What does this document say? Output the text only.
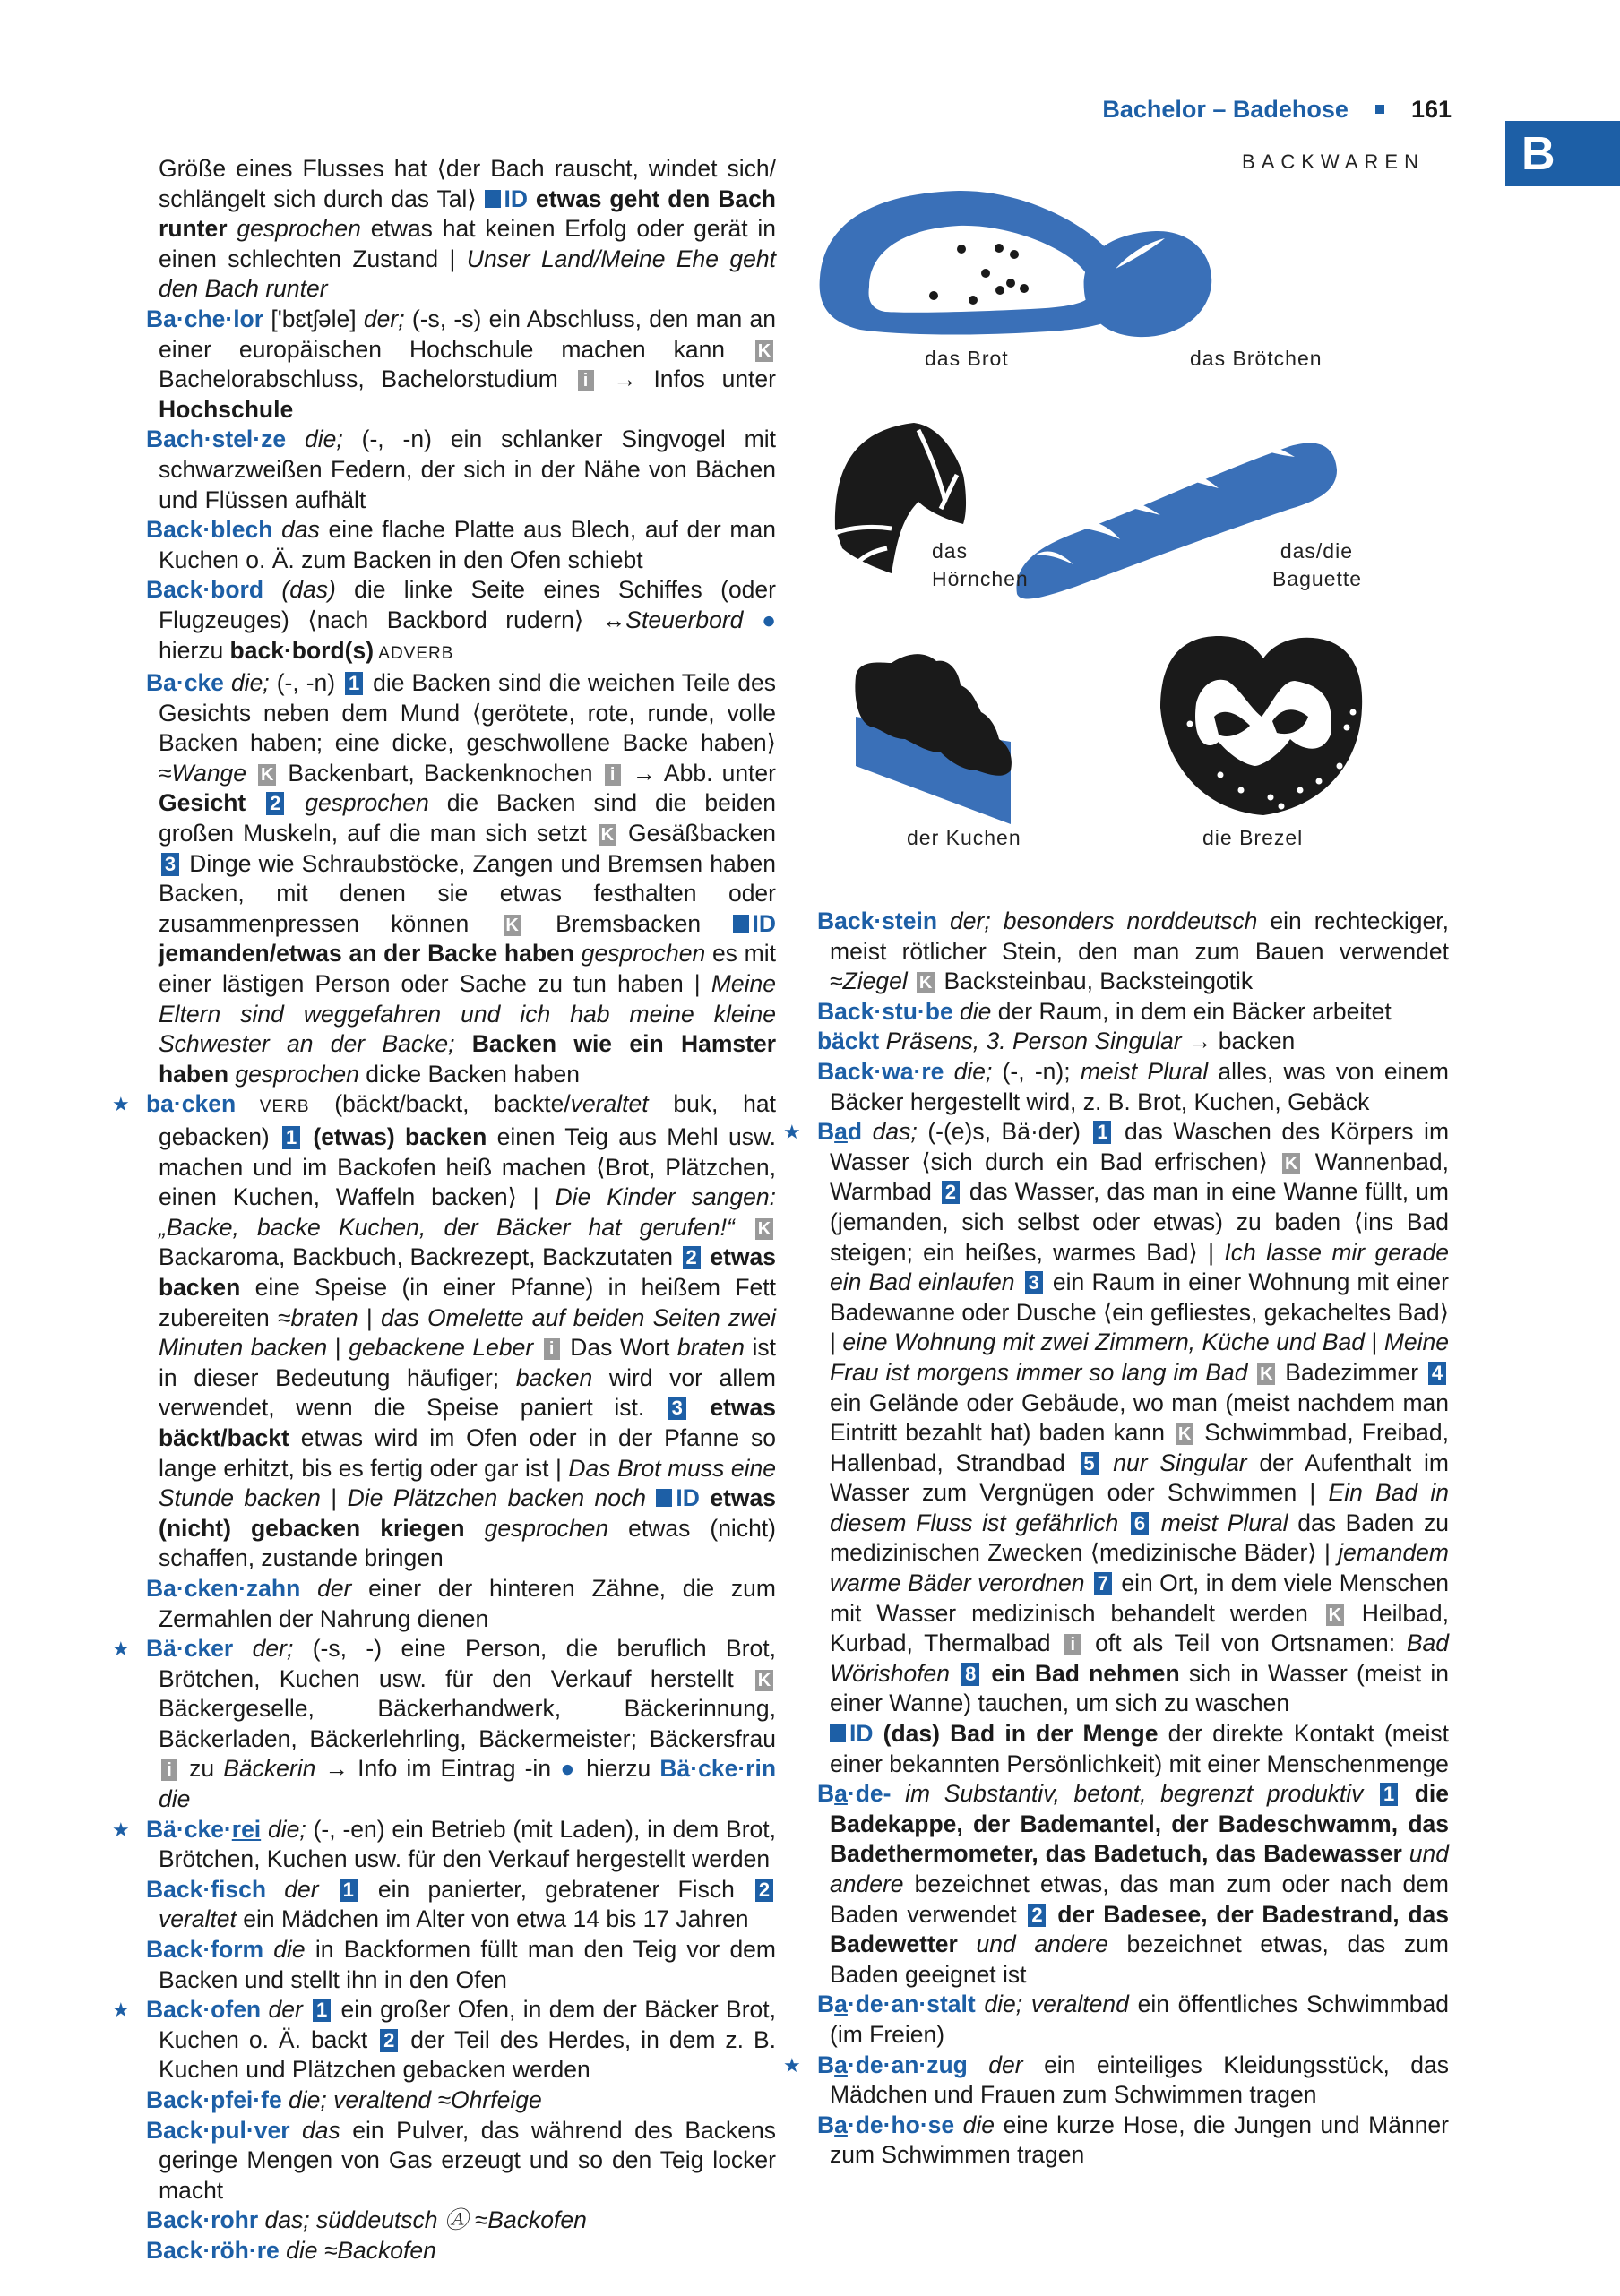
Bachelor – Badehose	161
B
BACKWAREN
das Brot	das Brötchen
das
Hörnchen
das/die
Baguette
der Kuchen	die Brezel

Größe eines Flusses hat ⟨der Bach rauscht, windet sich/ schlängelt sich durch das Tal⟩ ID etwas geht den Bach runter gesprochen etwas hat keinen Erfolg oder gerät in einen schlechten Zustand | Unser Land/Meine Ehe geht den Bach runter

Ba·che·lor ['bɛtʃəle] der; (-s, -s) ein Abschluss, den man an einer europäischen Hochschule machen kann K Bachelorabschluss, Bachelorstudium i → Infos unter Hochschule

Bach·stel·ze die; (-, -n) ein schlanker Singvogel mit schwarzweißen Federn, der sich in der Nähe von Bächen und Flüssen aufhält

Back·blech das eine flache Platte aus Blech, auf der man Kuchen o. Ä. zum Backen in den Ofen schiebt

Back·bord (das) die linke Seite eines Schiffes (oder Flugzeuges) ⟨nach Backbord rudern⟩ ↔Steuerbord ● hierzu back·bord(s) ADVERB

Ba·cke die; (-, -n) 1 die Backen sind die weichen Teile des Gesichts neben dem Mund ⟨gerötete, rote, runde, volle Backen haben; eine dicke, geschwollene Backe haben⟩ ≈Wange K Backenbart, Backenknochen i → Abb. unter Gesicht 2 gesprochen die Backen sind die beiden großen Muskeln, auf die man sich setzt K Gesäßbacken 3 Dinge wie Schraubstöcke, Zangen und Bremsen haben Backen, mit denen sie etwas festhalten oder zusammenpressen können K Bremsbacken ID jemanden/etwas an der Backe haben gesprochen es mit einer lästigen Person oder Sache zu tun haben | Meine Eltern sind weggefahren und ich hab meine kleine Schwester an der Backe; Backen wie ein Hamster haben gesprochen dicke Backen haben

★ ba·cken VERB (bäckt/backt, backte/veraltet buk, hat gebacken) 1 (etwas) backen einen Teig aus Mehl usw. machen und im Backofen heiß machen ⟨Brot, Plätzchen, einen Kuchen, Waffeln backen⟩ | Die Kinder sangen: „Backe, backe Kuchen, der Bäcker hat gerufen!“ K Backaroma, Backbuch, Backrezept, Backzutaten 2 etwas backen eine Speise (in einer Pfanne) in heißem Fett zubereiten ≈braten | das Omelette auf beiden Seiten zwei Minuten backen | gebackene Leber i Das Wort braten ist in dieser Bedeutung häufiger; backen wird vor allem verwendet, wenn die Speise paniert ist. 3 etwas bäckt/backt etwas wird im Ofen oder in der Pfanne so lange erhitzt, bis es fertig oder gar ist | Das Brot muss eine Stunde backen | Die Plätzchen backen noch ID etwas (nicht) gebacken kriegen gesprochen etwas (nicht) schaffen, zustande bringen

Ba·cken·zahn der einer der hinteren Zähne, die zum Zermahlen der Nahrung dienen

★ Bä·cker der; (-s, -) eine Person, die beruflich Brot, Brötchen, Kuchen usw. für den Verkauf herstellt K Bäckergeselle, Bäckerhandwerk, Bäckerinnung, Bäckerladen, Bäckerlehrling, Bäckermeister; Bäckersfrau i zu Bäckerin → Info im Eintrag -in ● hierzu Bä·cke·rin die

★ Bä·cke·rei die; (-, -en) ein Betrieb (mit Laden), in dem Brot, Brötchen, Kuchen usw. für den Verkauf hergestellt werden

Back·fisch der 1 ein panierter, gebratener Fisch 2 veraltet ein Mädchen im Alter von etwa 14 bis 17 Jahren

Back·form die in Backformen füllt man den Teig vor dem Backen und stellt ihn in den Ofen

★ Back·ofen der 1 ein großer Ofen, in dem der Bäcker Brot, Kuchen o. Ä. backt 2 der Teil des Herdes, in dem z. B. Kuchen und Plätzchen gebacken werden

Back·pfei·fe die; veraltend ≈Ohrfeige

Back·pul·ver das ein Pulver, das während des Backens geringe Mengen von Gas erzeugt und so den Teig locker macht

Back·rohr das; süddeutsch Ⓐ ≈Backofen

Back·röh·re die ≈Backofen

Back·stein der; besonders norddeutsch ein rechteckiger, meist rötlicher Stein, den man zum Bauen verwendet ≈Ziegel K Backsteinbau, Backsteingotik

Back·stu·be die der Raum, in dem ein Bäcker arbeitet

bäckt Präsens, 3. Person Singular → backen

Back·wa·re die; (-, -n); meist Plural alles, was von einem Bäcker hergestellt wird, z. B. Brot, Kuchen, Gebäck

★ Bad das; (-(e)s, Bä·der) 1 das Waschen des Körpers im Wasser ⟨sich durch ein Bad erfrischen⟩ K Wannenbad, Warmbad 2 das Wasser, das man in eine Wanne füllt, um (jemanden, sich selbst oder etwas) zu baden ⟨ins Bad steigen; ein heißes, warmes Bad⟩ | Ich lasse mir gerade ein Bad einlaufen 3 ein Raum in einer Wohnung mit einer Badewanne oder Dusche ⟨ein gefliestes, gekacheltes Bad⟩ | eine Wohnung mit zwei Zimmern, Küche und Bad | Meine Frau ist morgens immer so lang im Bad K Badezimmer 4 ein Gelände oder Gebäude, wo man (meist nachdem man Eintritt bezahlt hat) baden kann K Schwimmbad, Freibad, Hallenbad, Strandbad 5 nur Singular der Aufenthalt im Wasser zum Vergnügen oder Schwimmen | Ein Bad in diesem Fluss ist gefährlich 6 meist Plural das Baden zu medizinischen Zwecken ⟨medizinische Bäder⟩ | jemandem warme Bäder verordnen 7 ein Ort, in dem viele Menschen mit Wasser medizinisch behandelt werden K Heilbad, Kurbad, Thermalbad i oft als Teil von Ortsnamen: Bad Wörishofen 8 ein Bad nehmen sich in Wasser (meist in einer Wanne) tauchen, um sich zu waschen
ID (das) Bad in der Menge der direkte Kontakt (meist einer bekannten Persönlichkeit) mit einer Menschenmenge

Ba·de- im Substantiv, betont, begrenzt produktiv 1 die Badekappe, der Bademantel, der Badeschwamm, das Badethermometer, das Badetuch, das Badewasser und andere bezeichnet etwas, das man zum oder nach dem Baden verwendet 2 der Badesee, der Badestrand, das Badewetter und andere bezeichnet etwas, das zum Baden geeignet ist

Ba·de·an·stalt die; veraltend ein öffentliches Schwimmbad (im Freien)

★ Ba·de·an·zug der ein einteiliges Kleidungsstück, das Mädchen und Frauen zum Schwimmen tragen

Ba·de·ho·se die eine kurze Hose, die Jungen und Männer zum Schwimmen tragen
